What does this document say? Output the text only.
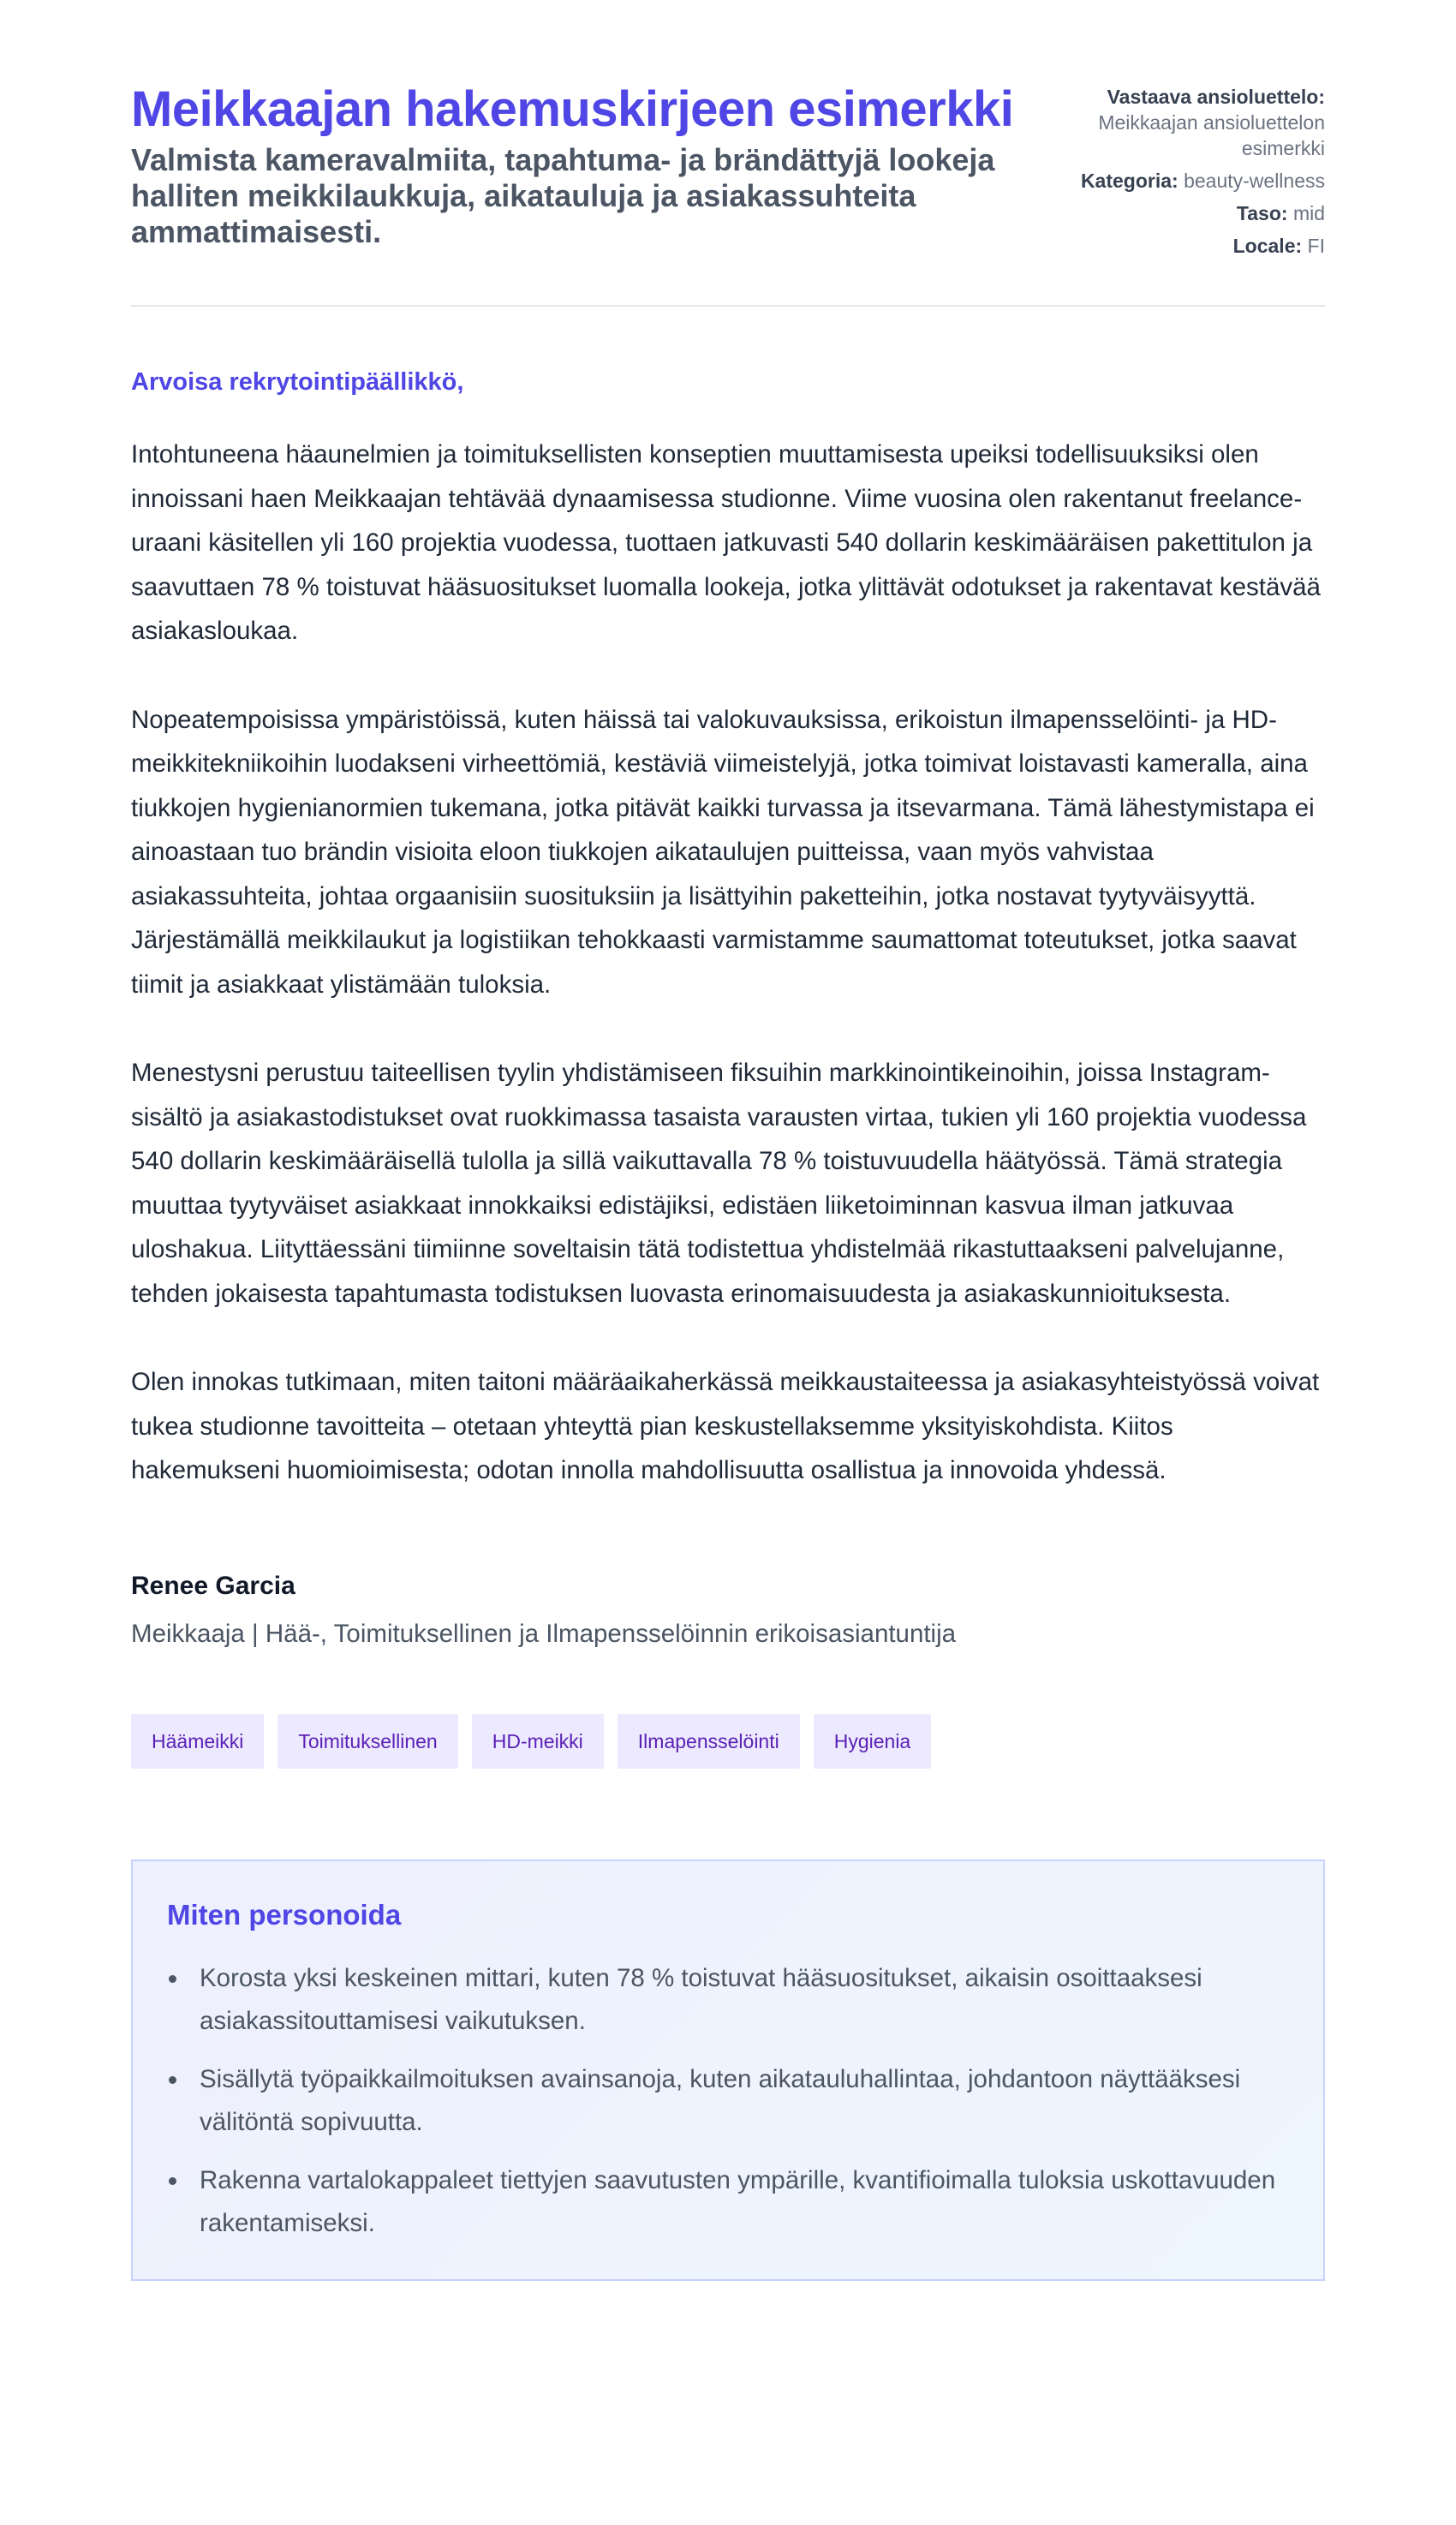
Meikkaajan hakemuskirjeen esimerkki
Valmista kameravalmiita, tapahtuma- ja brändättyjä lookeja halliten meikkilaukkuja, aikatauluja ja asiakassuhteita ammattimaisesti.
Vastaava ansioluettelo:
Meikkaajan ansioluettelon esimerkki
Kategoria: beauty-wellness
Taso: mid
Locale: FI
Arvoisa rekrytointipäällikkö,

Intohtuneena häaunelmien ja toimituksellisten konseptien muuttamisesta upeiksi todellisuuksiksi olen innoissani haen Meikkaajan tehtävää dynaamisessa studionne. Viime vuosina olen rakentanut freelance-uraani käsitellen yli 160 projektia vuodessa, tuottaen jatkuvasti 540 dollarin keskimääräisen pakettitulon ja saavuttaen 78 % toistuvat hääsuositukset luomalla lookeja, jotka ylittävät odotukset ja rakentavat kestävää asiakasloukaa.

Nopeatempoisissa ympäristöissä, kuten häissä tai valokuvauksissa, erikoistun ilmapensselöinti- ja HD-meikkitekniikoihin luodakseni virheettömiä, kestäviä viimeistelyjä, jotka toimivat loistavasti kameralla, aina tiukkojen hygienianormien tukemana, jotka pitävät kaikki turvassa ja itsevarmana. Tämä lähestymistapa ei ainoastaan tuo brändin visioita eloon tiukkojen aikataulujen puitteissa, vaan myös vahvistaa asiakassuhteita, johtaa orgaanisiin suosituksiin ja lisättyihin paketteihin, jotka nostavat tyytyväisyyttä. Järjestämällä meikkilaukut ja logistiikan tehokkaasti varmistamme saumattomat toteutukset, jotka saavat tiimit ja asiakkaat ylistämään tuloksia.

Menestysni perustuu taiteellisen tyylin yhdistämiseen fiksuihin markkinointikeinoihin, joissa Instagram-sisältö ja asiakastodistukset ovat ruokkimassa tasaista varausten virtaa, tukien yli 160 projektia vuodessa 540 dollarin keskimääräisellä tulolla ja sillä vaikuttavalla 78 % toistuvuudella häätyössä. Tämä strategia muuttaa tyytyväiset asiakkaat innokkaiksi edistäjiksi, edistäen liiketoiminnan kasvua ilman jatkuvaa uloshakua. Liityttäessäni tiimiinne soveltaisin tätä todistettua yhdistelmää rikastuttaakseni palvelujanne, tehden jokaisesta tapahtumasta todistuksen luovasta erinomaisuudesta ja asiakaskunnioituksesta.

Olen innokas tutkimaan, miten taitoni määräaikaherkässä meikkaustaiteessa ja asiakasyhteistyössä voivat tukea studionne tavoitteita – otetaan yhteyttä pian keskustellaksemme yksityiskohdista. Kiitos hakemukseni huomioimisesta; odotan innolla mahdollisuutta osallistua ja innovoida yhdessä.

Renee Garcia
Meikkaaja | Hää-, Toimituksellinen ja Ilmapensselöinnin erikoisasiantuntija
Häämeikki	Toimituksellinen	HD-meikki	Ilmapensselöinti	Hygienia
Miten personoida
Korosta yksi keskeinen mittari, kuten 78 % toistuvat hääsuositukset, aikaisin osoittaaksesi asiakassitouttamisesi vaikutuksen.
Sisällytä työpaikkailmoituksen avainsanoja, kuten aikatauluhallintaa, johdantoon näyttääksesi välitöntä sopivuutta.
Rakenna vartalokappaleet tiettyjen saavutusten ympärille, kvantifioimalla tuloksia uskottavuuden rakentamiseksi.
